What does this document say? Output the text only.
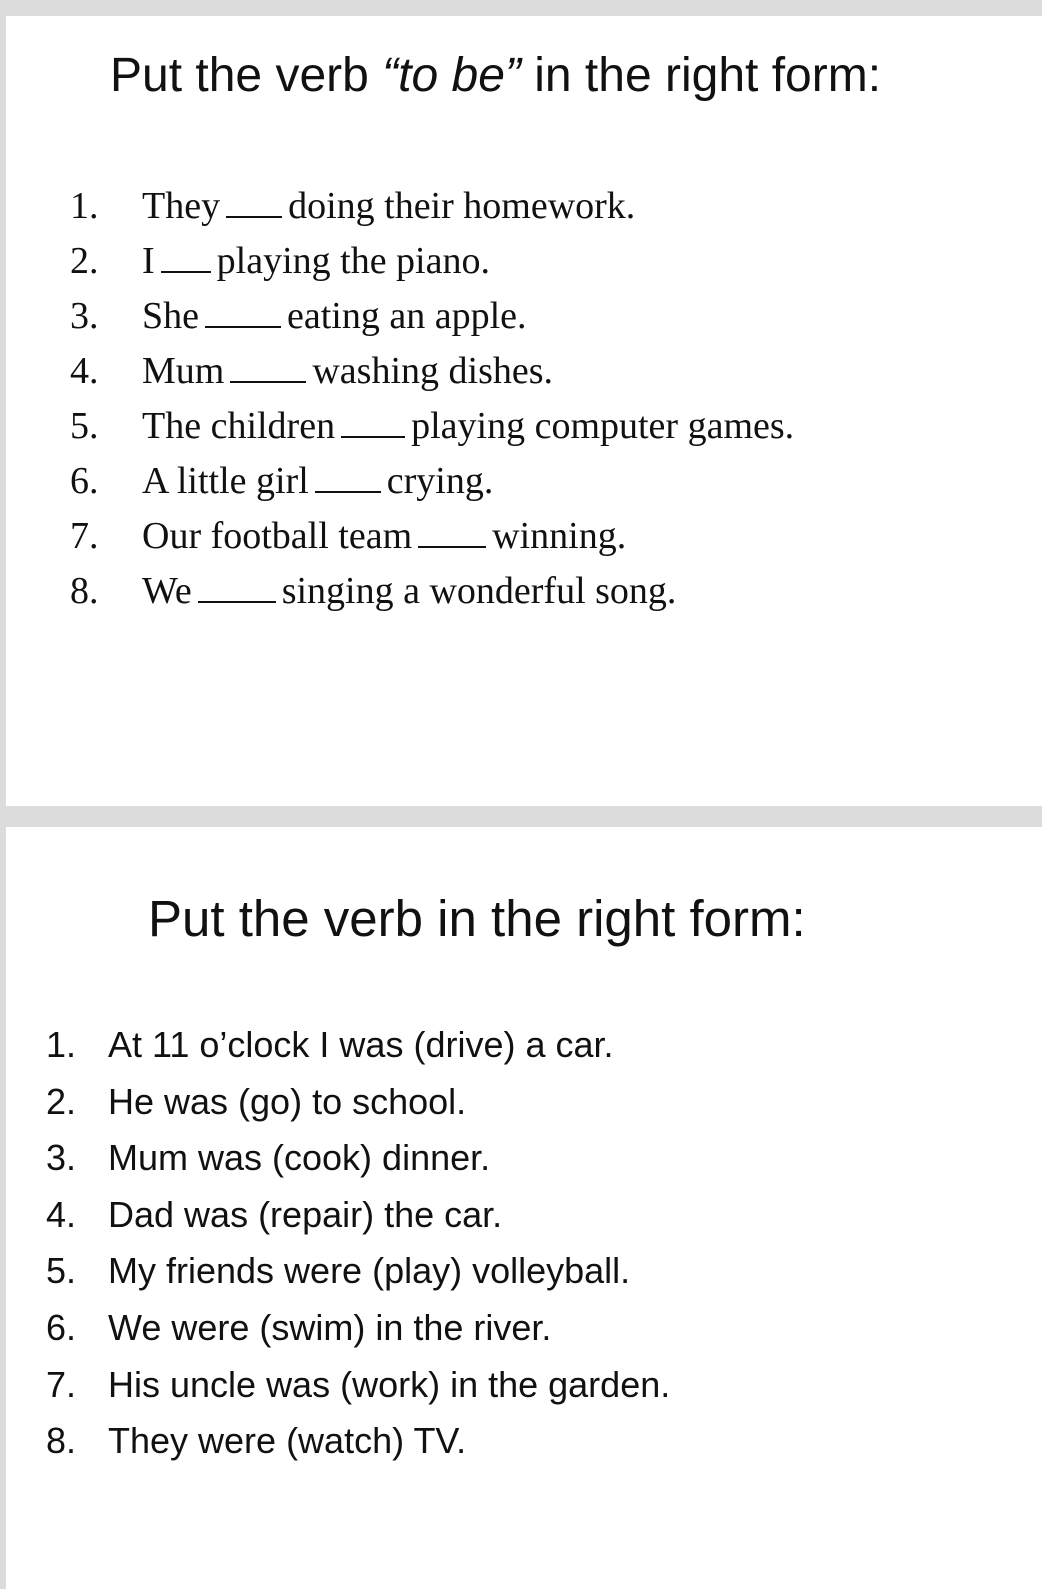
Put the verb “to be” in the right form:
1. They doing their homework.
2. I playing the piano.
3. She eating an apple.
4. Mum washing dishes.
5. The children playing computer games.
6. A little girl crying.
7. Our football team winning.
8. We singing a wonderful song.
Put the verb in the right form:
1. At 11 o’clock I was (drive) a car.
2. He was (go) to school.
3. Mum was (cook) dinner.
4. Dad was (repair) the car.
5. My friends were (play) volleyball.
6. We were (swim) in the river.
7. His uncle was (work) in the garden.
8. They were (watch) TV.
